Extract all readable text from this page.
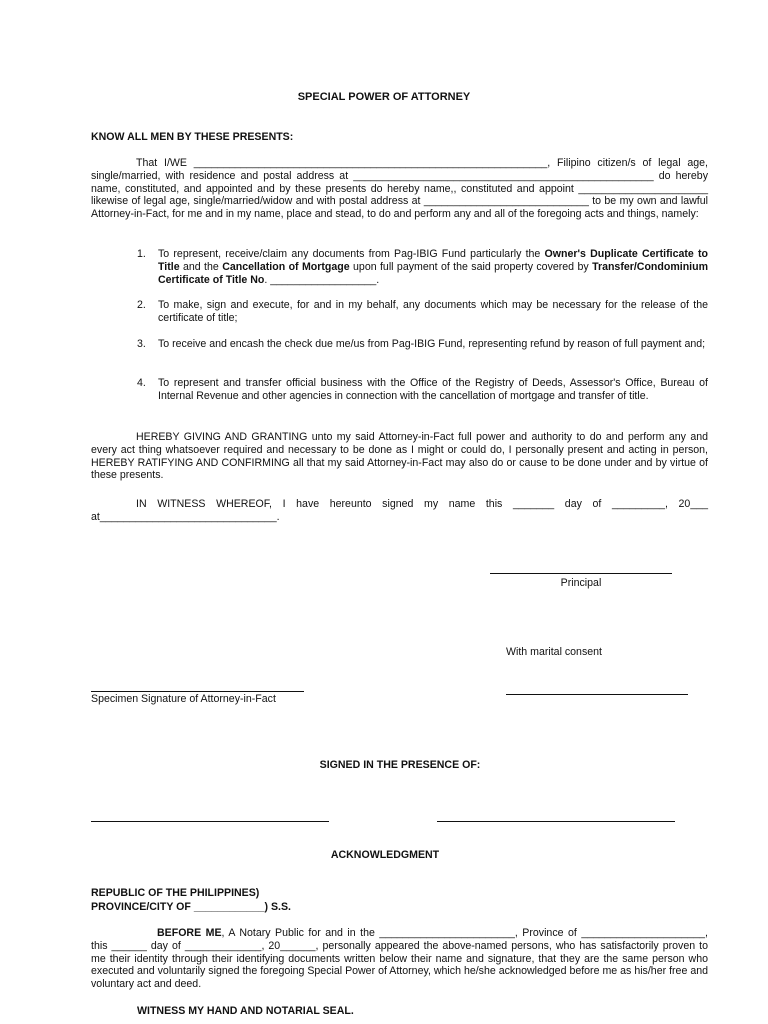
SPECIAL POWER OF ATTORNEY
KNOW ALL MEN BY THESE PRESENTS:
That I/WE ____________________________________________________________, Filipino citizen/s of legal age, single/married, with residence and postal address at ___________________________________________________ do hereby name, constituted, and appointed and by these presents do hereby name,, constituted and appoint ______________________ likewise of legal age, single/married/widow and with postal address at ____________________________ to be my own and lawful Attorney-in-Fact, for me and in my name, place and stead, to do and perform any and all of the foregoing acts and things, namely:
1. To represent, receive/claim any documents from Pag-IBIG Fund particularly the Owner's Duplicate Certificate to Title and the Cancellation of Mortgage upon full payment of the said property covered by Transfer/Condominium Certificate of Title No. __________________.
2. To make, sign and execute, for and in my behalf, any documents which may be necessary for the release of the certificate of title;
3. To receive and encash the check due me/us from Pag-IBIG Fund, representing refund by reason of full payment and;
4. To represent and transfer official business with the Office of the Registry of Deeds, Assessor's Office, Bureau of Internal Revenue and other agencies in connection with the cancellation of mortgage and transfer of title.
HEREBY GIVING AND GRANTING unto my said Attorney-in-Fact full power and authority to do and perform any and every act thing whatsoever required and necessary to be done as I might or could do, I personally present and acting in person, HEREBY RATIFYING AND CONFIRMING all that my said Attorney-in-Fact may also do or cause to be done under and by virtue of these presents.
IN WITNESS WHEREOF, I have hereunto signed my name this _______ day of _________, 20___ at______________________________.
Principal
With marital consent
Specimen Signature of Attorney-in-Fact
SIGNED IN THE PRESENCE OF:
ACKNOWLEDGMENT
REPUBLIC OF THE PHILIPPINES)
PROVINCE/CITY OF ____________) S.S.
BEFORE ME, A Notary Public for and in the _______________________, Province of _____________________, this ______ day of _____________, 20______, personally appeared the above-named persons, who has satisfactorily proven to me their identity through their identifying documents written below their name and signature, that they are the same person who executed and voluntarily signed the foregoing Special Power of Attorney, which he/she acknowledged before me as his/her free and voluntary act and deed.
WITNESS MY HAND AND NOTARIAL SEAL.
